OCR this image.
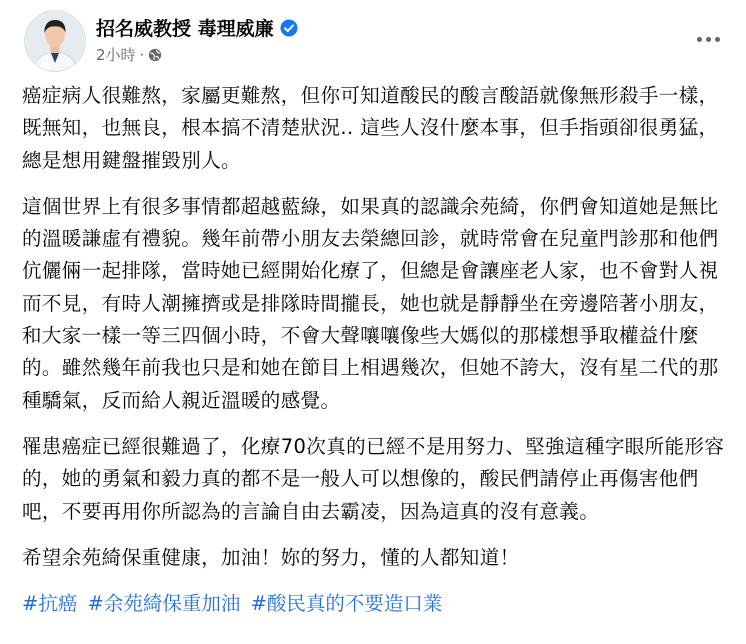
招名威教授 毒理威廉
2小時 ·

癌症病人很難熬，家屬更難熬，但你可知道酸民的酸言酸語就像無形殺手一樣，既無知，也無良，根本搞不清楚狀況.. 這些人沒什麼本事，但手指頭卻很勇猛，總是想用鍵盤摧毀別人。

這個世界上有很多事情都超越藍綠，如果真的認識余苑綺，你們會知道她是無比的溫暖謙虛有禮貌。幾年前帶小朋友去榮總回診，就時常會在兒童門診那和他們伉儷倆一起排隊，當時她已經開始化療了，但總是會讓座老人家，也不會對人視而不見，有時人潮擁擠或是排隊時間攏長，她也就是靜靜坐在旁邊陪著小朋友，和大家一樣一等三四個小時，不會大聲嚷嚷像些大媽似的那樣想爭取權益什麼的。雖然幾年前我也只是和她在節目上相遇幾次，但她不誇大，沒有星二代的那種驕氣，反而給人親近溫暖的感覺。

罹患癌症已經很難過了，化療70次真的已經不是用努力、堅強這種字眼所能形容的，她的勇氣和毅力真的都不是一般人可以想像的，酸民們請停止再傷害他們吧，不要再用你所認為的言論自由去霸凌，因為這真的沒有意義。

希望余苑綺保重健康，加油！妳的努力，懂的人都知道！

#抗癌 #余苑綺保重加油 #酸民真的不要造口業
